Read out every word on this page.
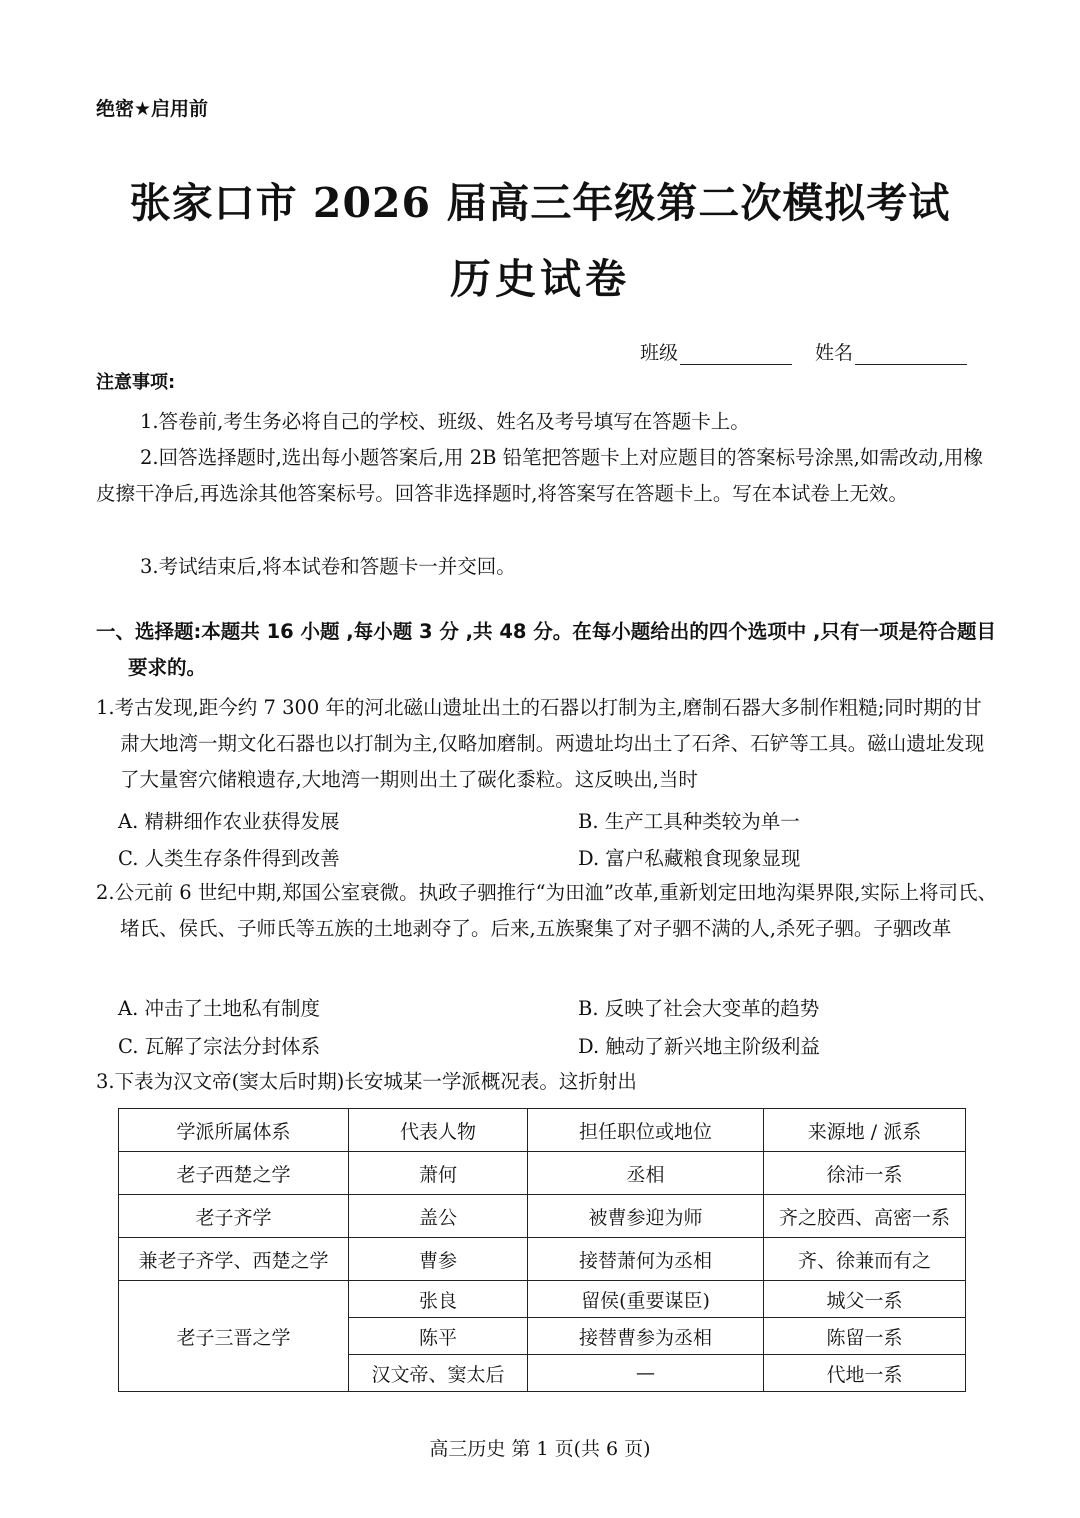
绝密★启用前
张家口市 2026 届高三年级第二次模拟考试
历史试卷
班级	姓名
注意事项:
1.答卷前,考生务必将自己的学校、班级、姓名及考号填写在答题卡上。
2.回答选择题时,选出每小题答案后,用 2B 铅笔把答题卡上对应题目的答案标号涂黑,如需改动,用橡皮擦干净后,再选涂其他答案标号。回答非选择题时,将答案写在答题卡上。写在本试卷上无效。
3.考试结束后,将本试卷和答题卡一并交回。
一、选择题:本题共 16 小题 ,每小题 3 分 ,共 48 分。在每小题给出的四个选项中 ,只有一项是符合题目要求的。
1.考古发现,距今约 7 300 年的河北磁山遗址出土的石器以打制为主,磨制石器大多制作粗糙;同时期的甘肃大地湾一期文化石器也以打制为主,仅略加磨制。两遗址均出土了石斧、石铲等工具。磁山遗址发现了大量窖穴储粮遗存,大地湾一期则出土了碳化黍粒。这反映出,当时
A. 精耕细作农业获得发展	B. 生产工具种类较为单一
C. 人类生存条件得到改善	D. 富户私藏粮食现象显现
2.公元前 6 世纪中期,郑国公室衰微。执政子驷推行“为田洫”改革,重新划定田地沟渠界限,实际上将司氏、堵氏、侯氏、子师氏等五族的土地剥夺了。后来,五族聚集了对子驷不满的人,杀死子驷。子驷改革
A. 冲击了土地私有制度	B. 反映了社会大变革的趋势
C. 瓦解了宗法分封体系	D. 触动了新兴地主阶级利益
3.下表为汉文帝(窦太后时期)长安城某一学派概况表。这折射出
学派所属体系	代表人物	担任职位或地位	来源地 / 派系
老子西楚之学	萧何	丞相	徐沛一系
老子齐学	盖公	被曹参迎为师	齐之胶西、高密一系
兼老子齐学、西楚之学	曹参	接替萧何为丞相	齐、徐兼而有之
老子三晋之学	张良	留侯(重要谋臣)	城父一系
	陈平	接替曹参为丞相	陈留一系
	汉文帝、窦太后	—	代地一系
高三历史 第 1 页(共 6 页)
